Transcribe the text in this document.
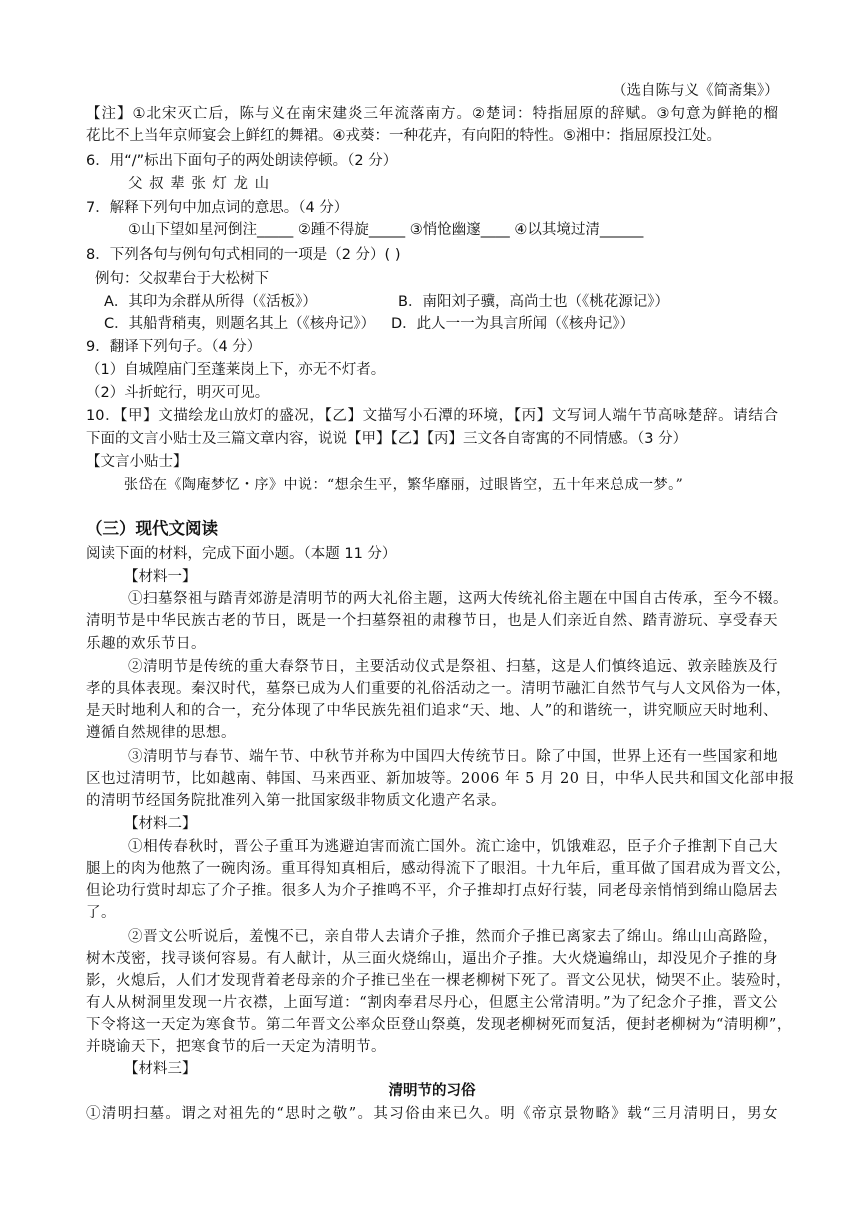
（选自陈与义《简斋集》）
【注】①北宋灭亡后，陈与义在南宋建炎三年流落南方。②楚词：特指屈原的辞赋。③句意为鲜艳的榴
花比不上当年京师宴会上鲜红的舞裙。④戎葵：一种花卉，有向阳的特性。⑤湘中：指屈原投江处。
6．用“/”标出下面句子的两处朗读停顿。（2 分）
父 叔 辈 张 灯 龙 山
7．解释下列句中加点词的意思。（4 分）
①山下望如星河倒注_____ ②踵不得旋_____ ③悄怆幽邃____ ④以其境过清______
8．下列各句与例句句式相同的一项是（2 分）( )
例句：父叔辈台于大松树下
A．其印为余群从所得（《活板》）	B．南阳刘子骥，高尚士也（《桃花源记》）
C．其船背稍夷，则题名其上（《核舟记》） D．此人一一为具言所闻（《核舟记》）
9．翻译下列句子。（4 分）
（1）自城隍庙门至蓬莱岗上下，亦无不灯者。
（2）斗折蛇行，明灭可见。
10．【甲】文描绘龙山放灯的盛况，【乙】文描写小石潭的环境，【丙】文写词人端午节高咏楚辞。请结合
下面的文言小贴士及三篇文章内容，说说【甲】【乙】【丙】三文各自寄寓的不同情感。（3 分）
【文言小贴士】
张岱在《陶庵梦忆・序》中说：“想余生平，繁华靡丽，过眼皆空，五十年来总成一梦。”
（三）现代文阅读
阅读下面的材料，完成下面小题。（本题 11 分）
【材料一】
①扫墓祭祖与踏青郊游是清明节的两大礼俗主题，这两大传统礼俗主题在中国自古传承，至今不辍。
清明节是中华民族古老的节日，既是一个扫墓祭祖的肃穆节日，也是人们亲近自然、踏青游玩、享受春天
乐趣的欢乐节日。
②清明节是传统的重大春祭节日，主要活动仪式是祭祖、扫墓，这是人们慎终追远、敦亲睦族及行
孝的具体表现。秦汉时代，墓祭已成为人们重要的礼俗活动之一。清明节融汇自然节气与人文风俗为一体，
是天时地利人和的合一，充分体现了中华民族先祖们追求“天、地、人”的和谐统一，讲究顺应天时地利、
遵循自然规律的思想。
③清明节与春节、端午节、中秋节并称为中国四大传统节日。除了中国，世界上还有一些国家和地
区也过清明节，比如越南、韩国、马来西亚、新加坡等。2006 年 5 月 20 日，中华人民共和国文化部申报
的清明节经国务院批准列入第一批国家级非物质文化遗产名录。
【材料二】
①相传春秋时，晋公子重耳为逃避迫害而流亡国外。流亡途中，饥饿难忍，臣子介子推割下自己大
腿上的肉为他熬了一碗肉汤。重耳得知真相后，感动得流下了眼泪。十九年后，重耳做了国君成为晋文公，
但论功行赏时却忘了介子推。很多人为介子推鸣不平，介子推却打点好行装，同老母亲悄悄到绵山隐居去
了。
②晋文公听说后，羞愧不已，亲自带人去请介子推，然而介子推已离家去了绵山。绵山山高路险，
树木茂密，找寻谈何容易。有人献计，从三面火烧绵山，逼出介子推。大火烧遍绵山，却没见介子推的身
影，火熄后，人们才发现背着老母亲的介子推已坐在一棵老柳树下死了。晋文公见状，恸哭不止。装殓时，
有人从树洞里发现一片衣襟，上面写道：“割肉奉君尽丹心，但愿主公常清明。”为了纪念介子推，晋文公
下令将这一天定为寒食节。第二年晋文公率众臣登山祭奠，发现老柳树死而复活，便封老柳树为“清明柳”，
并晓谕天下，把寒食节的后一天定为清明节。
【材料三】
清明节的习俗
①清明扫墓。谓之对祖先的“思时之敬”。其习俗由来已久。明《帝京景物略》载“三月清明日，男女
